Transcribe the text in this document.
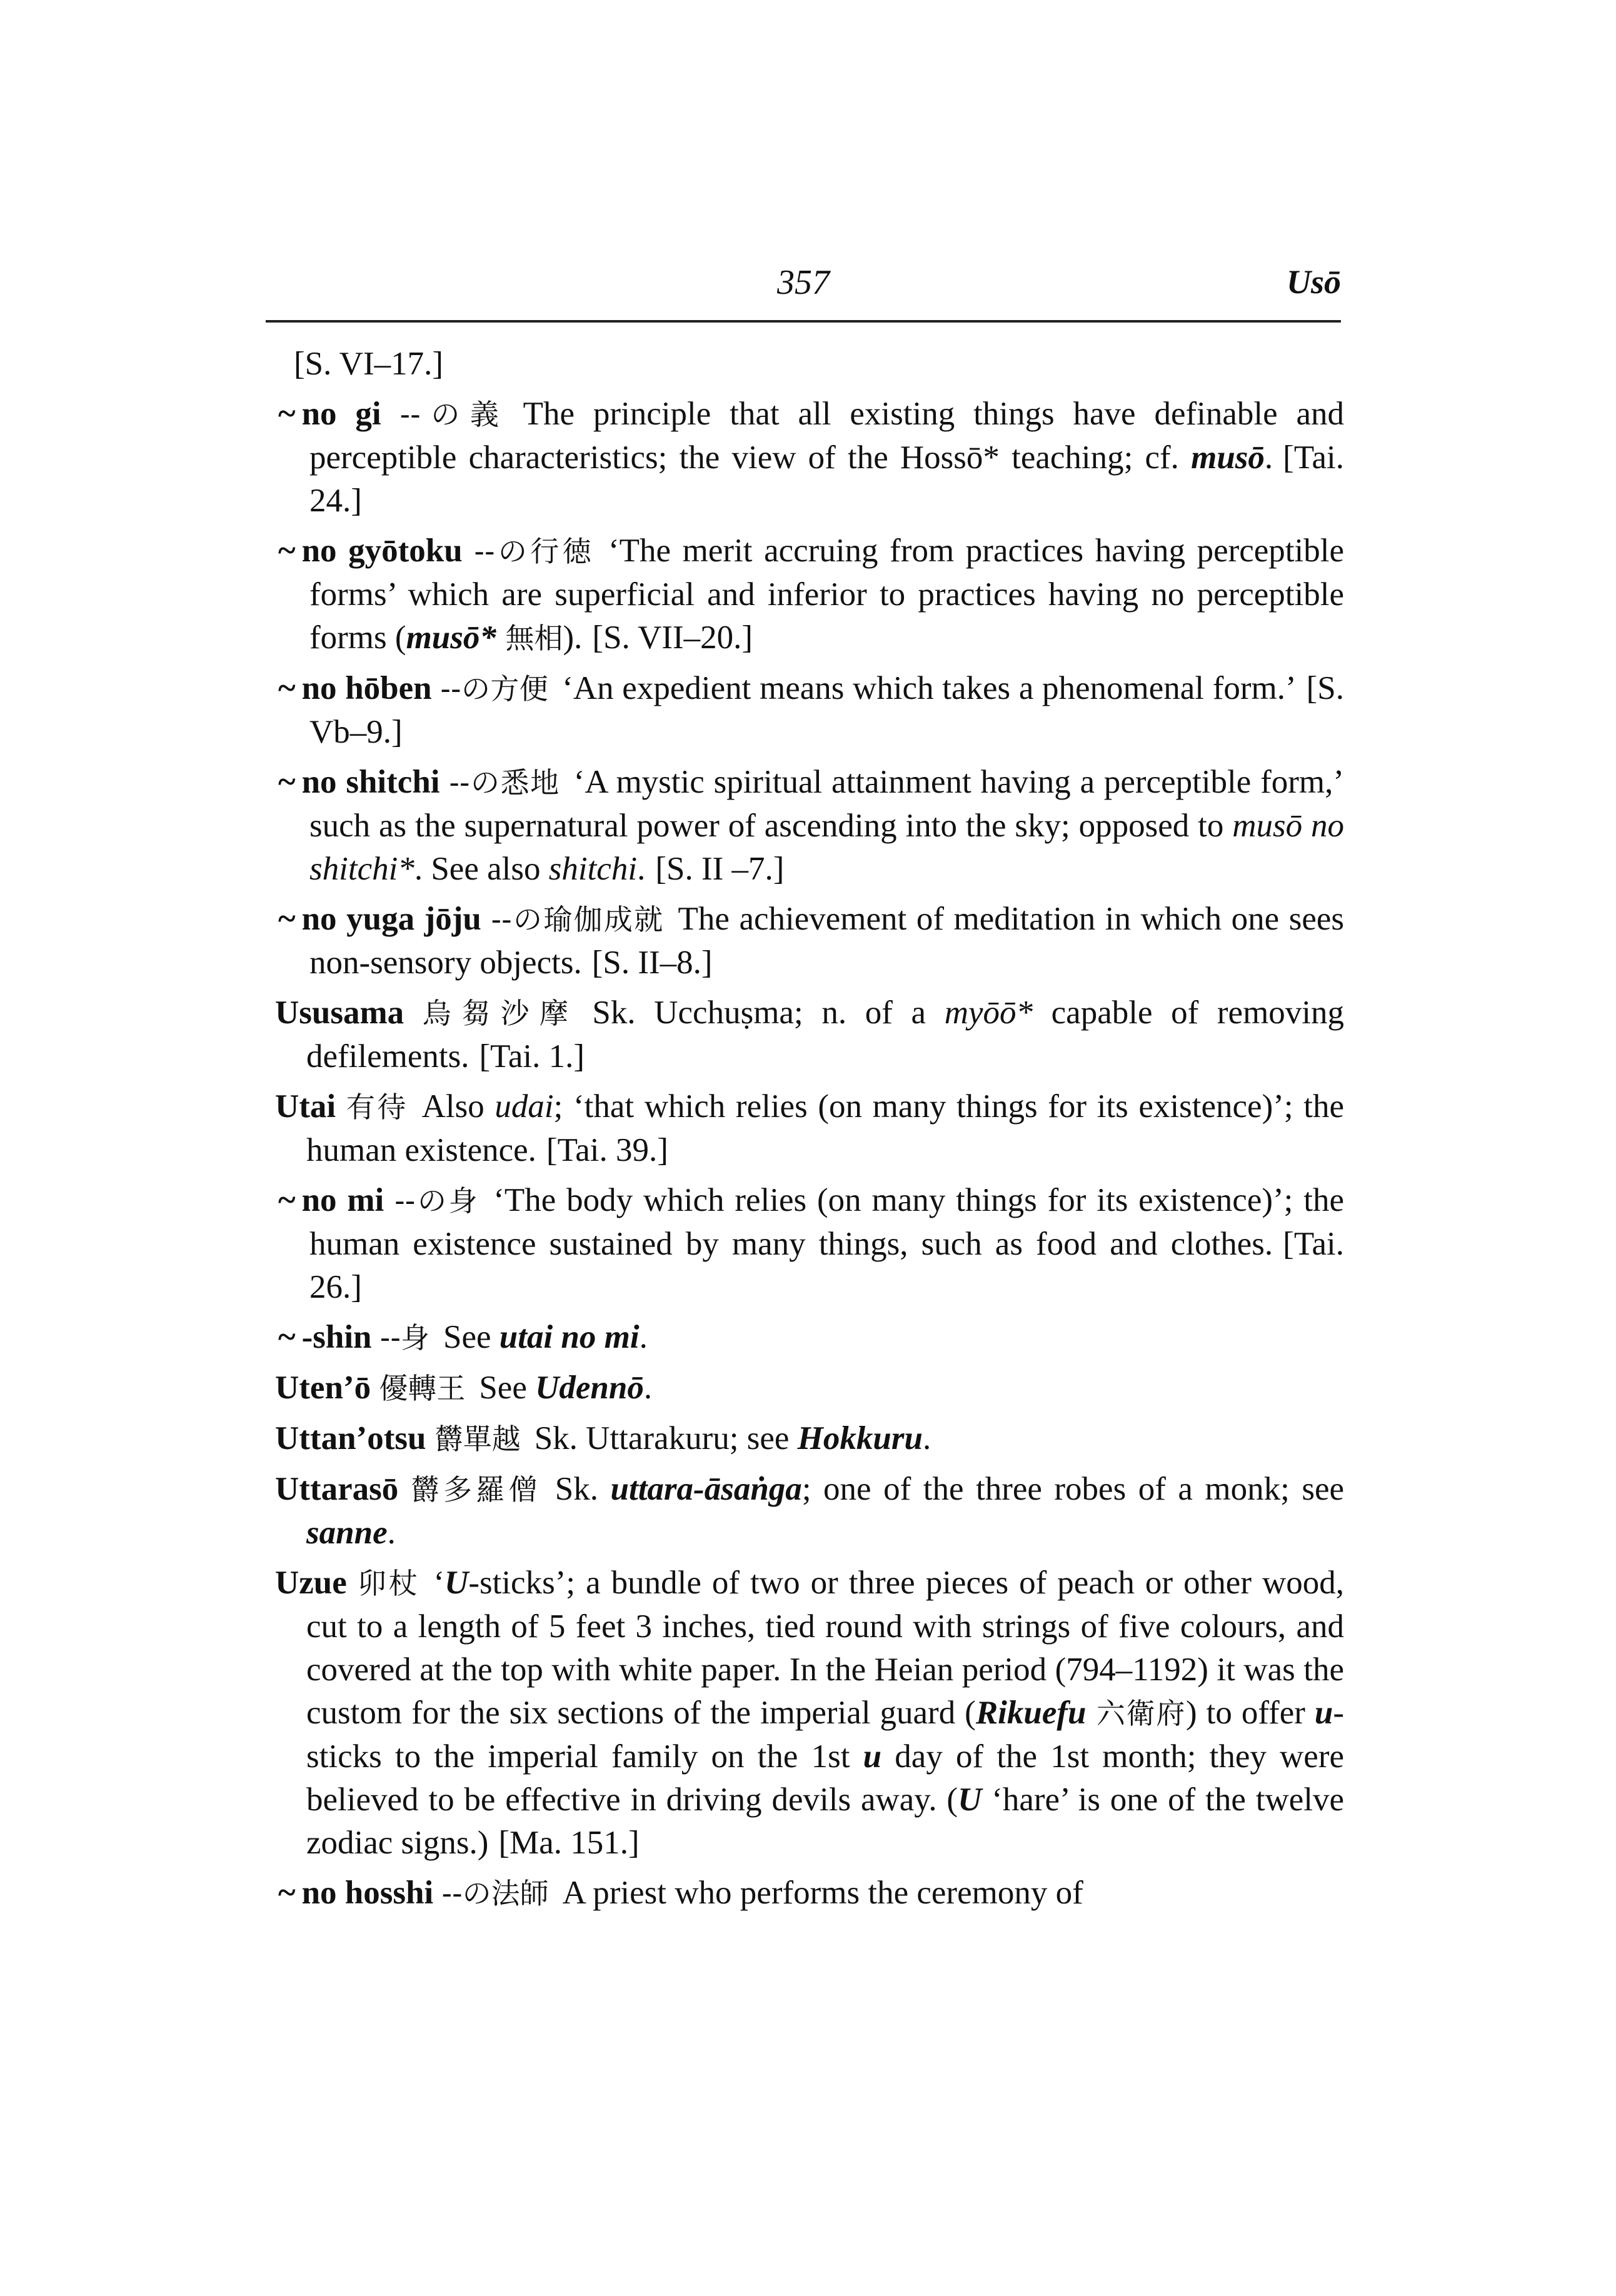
357	Usō
[S. VI–17.]
~ no gi --の義 The principle that all existing things have definable and perceptible characteristics; the view of the Hossō* teaching; cf. musō. [Tai. 24.]
~ no gyōtoku --の行徳 ‘The merit accruing from practices having perceptible forms’ which are superficial and inferior to practices having no perceptible forms (musō* 無相). [S. VII–20.]
~ no hōben --の方便 ‘An expedient means which takes a phenomenal form.’ [S. Vb–9.]
~ no shitchi --の悉地 ‘A mystic spiritual attainment having a perceptible form,’ such as the supernatural power of ascending into the sky; opposed to musō no shitchi*. See also shitchi. [S. II –7.]
~ no yuga jōju --の瑜伽成就 The achievement of meditation in which one sees non-sensory objects. [S. II–8.]
Ususama 烏芻沙摩 Sk. Ucchuṣma; n. of a myōō* capable of removing defilements. [Tai. 1.]
Utai 有待 Also udai; ‘that which relies (on many things for its existence)’; the human existence. [Tai. 39.]
~ no mi --の身 ‘The body which relies (on many things for its existence)’; the human existence sustained by many things, such as food and clothes. [Tai. 26.]
~ -shin --身 See utai no mi.
Uten’ō 優轉王 See Udennō.
Uttan’otsu 欝單越 Sk. Uttarakuru; see Hokkuru.
Uttarasō 欝多羅僧 Sk. uttara-āsaṅga; one of the three robes of a monk; see sanne.
Uzue 卯杖 ‘U-sticks’; a bundle of two or three pieces of peach or other wood, cut to a length of 5 feet 3 inches, tied round with strings of five colours, and covered at the top with white paper. In the Heian period (794–1192) it was the custom for the six sections of the imperial guard (Rikuefu 六衛府) to offer u-sticks to the imperial family on the 1st u day of the 1st month; they were believed to be effective in driving devils away. (U ‘hare’ is one of the twelve zodiac signs.) [Ma. 151.]
~ no hosshi --の法師 A priest who performs the ceremony of
